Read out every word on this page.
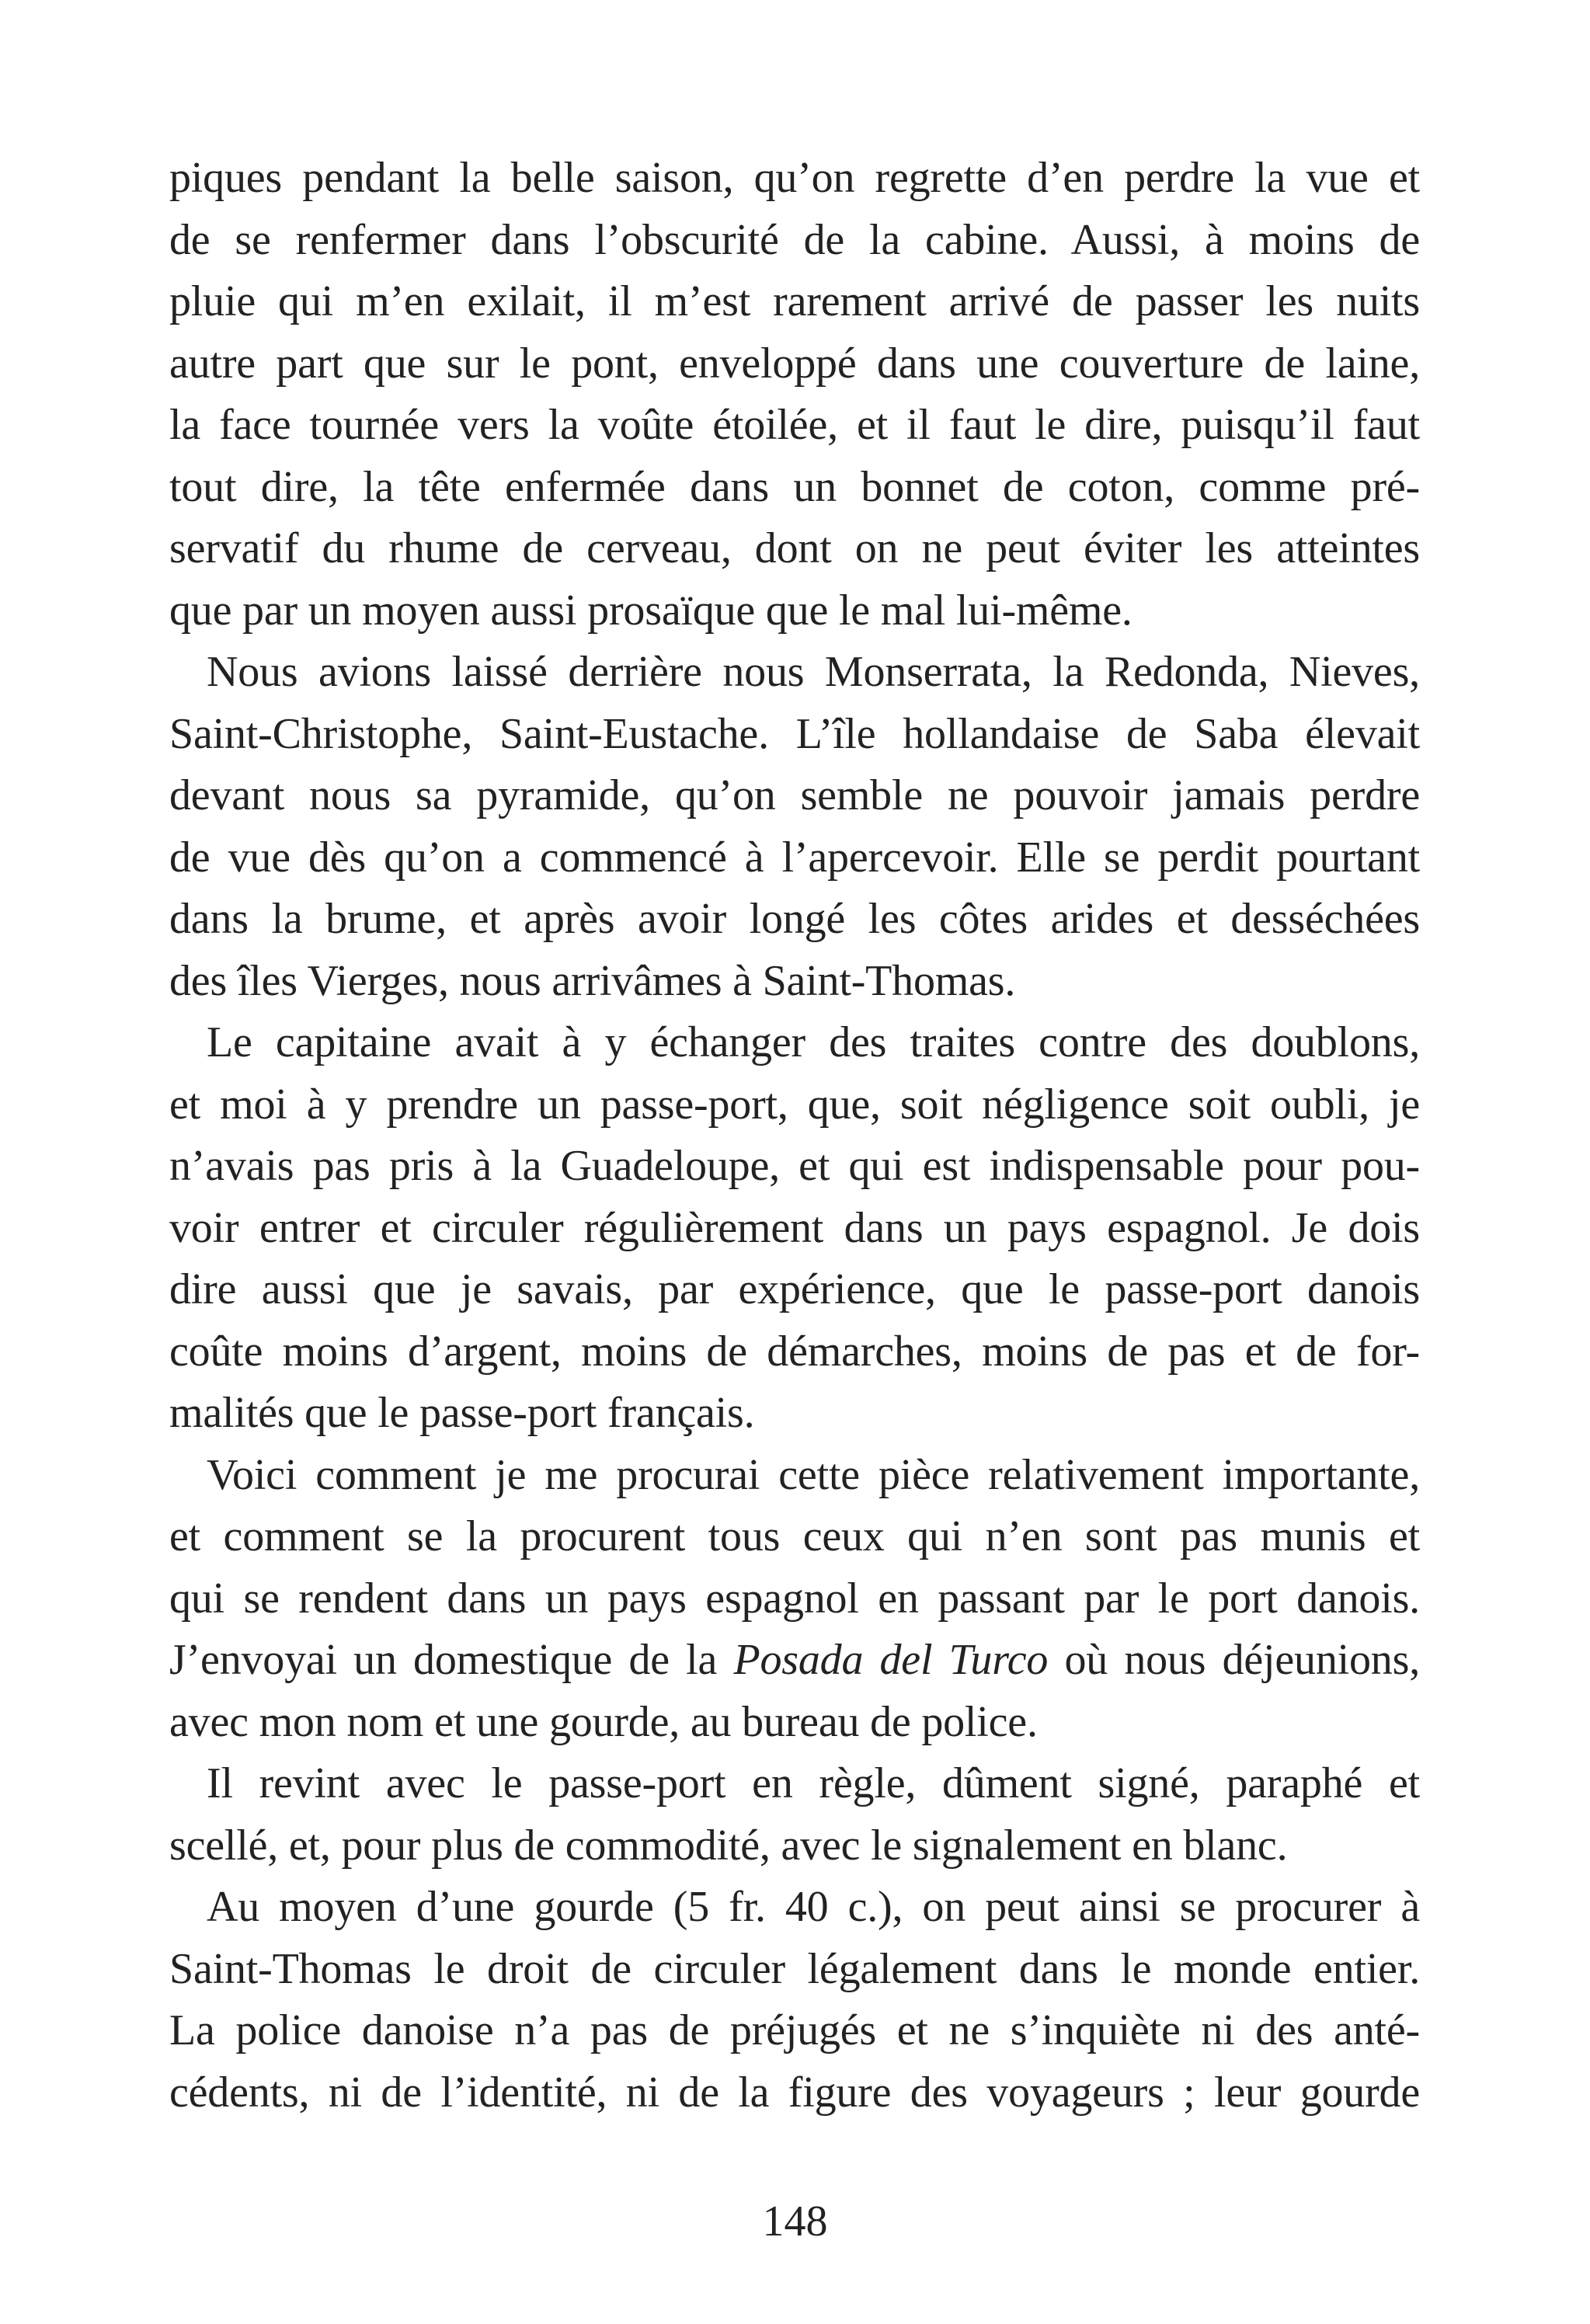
piques pendant la belle saison, qu’on regrette d’en perdre la vue et
de se renfermer dans l’obscurité de la cabine. Aussi, à moins de
pluie qui m’en exilait, il m’est rarement arrivé de passer les nuits
autre part que sur le pont, enveloppé dans une couverture de laine,
la face tournée vers la voûte étoilée, et il faut le dire, puisqu’il faut
tout dire, la tête enfermée dans un bonnet de coton, comme pré-
servatif du rhume de cerveau, dont on ne peut éviter les atteintes
que par un moyen aussi prosaïque que le mal lui-même.
Nous avions laissé derrière nous Monserrata, la Redonda, Nieves,
Saint-Christophe, Saint-Eustache. L’île hollandaise de Saba élevait
devant nous sa pyramide, qu’on semble ne pouvoir jamais perdre
de vue dès qu’on a commencé à l’apercevoir. Elle se perdit pourtant
dans la brume, et après avoir longé les côtes arides et desséchées
des îles Vierges, nous arrivâmes à Saint-Thomas.
Le capitaine avait à y échanger des traites contre des doublons,
et moi à y prendre un passe-port, que, soit négligence soit oubli, je
n’avais pas pris à la Guadeloupe, et qui est indispensable pour pou-
voir entrer et circuler régulièrement dans un pays espagnol. Je dois
dire aussi que je savais, par expérience, que le passe-port danois
coûte moins d’argent, moins de démarches, moins de pas et de for-
malités que le passe-port français.
Voici comment je me procurai cette pièce relativement importante,
et comment se la procurent tous ceux qui n’en sont pas munis et
qui se rendent dans un pays espagnol en passant par le port danois.
J’envoyai un domestique de la Posada del Turco où nous déjeunions,
avec mon nom et une gourde, au bureau de police.
Il revint avec le passe-port en règle, dûment signé, paraphé et
scellé, et, pour plus de commodité, avec le signalement en blanc.
Au moyen d’une gourde (5 fr. 40 c.), on peut ainsi se procurer à
Saint-Thomas le droit de circuler légalement dans le monde entier.
La police danoise n’a pas de préjugés et ne s’inquiète ni des anté-
cédents, ni de l’identité, ni de la figure des voyageurs ; leur gourde
148
